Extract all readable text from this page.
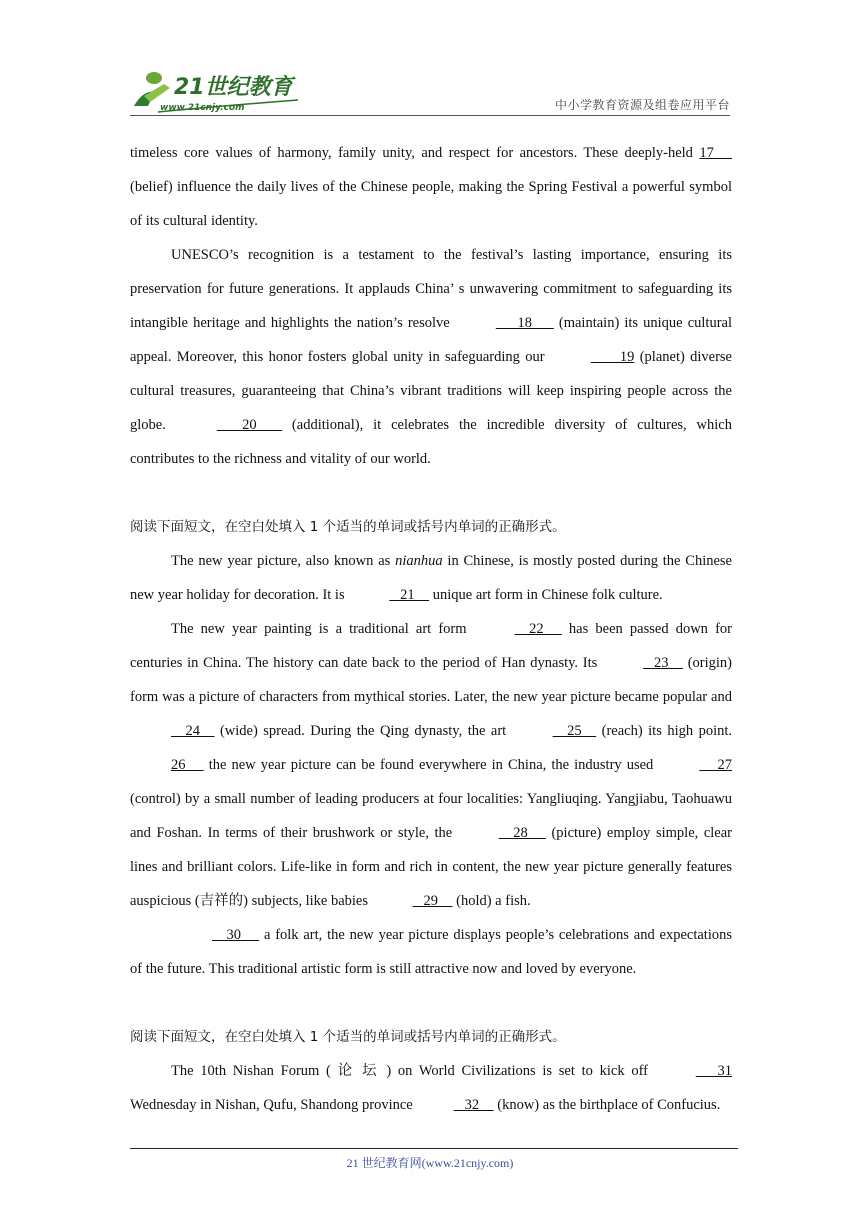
21世纪教育
www.21cnjy.com	中小学教育资源及组卷应用平台

timeless core values of harmony, family unity, and respect for ancestors. These deeply-held 17      (belief) influence the daily lives of the Chinese people, making the Spring Festival a powerful symbol of its cultural identity.

UNESCO’s recognition is a testament to the festival’s lasting importance, ensuring its preservation for future generations. It applauds China’ s unwavering commitment to safeguarding its intangible heritage and highlights the nation’s resolve	18       (maintain) its unique cultural appeal. Moreover, this honor fosters global unity in safeguarding our	19 (planet) diverse cultural treasures, guaranteeing that China’s vibrant traditions will keep inspiring people across the globe.	20        (additional), it celebrates the incredible diversity of cultures, which contributes to the richness and vitality of our world.

阅读下面短文，在空白处填入 1 个适当的单词或括号内单词的正确形式。

The new year picture, also known as nianhua in Chinese, is mostly posted during the Chinese new year holiday for decoration. It is	21     unique art form in Chinese folk culture.

The new year painting is a traditional art form	22      has been passed down for centuries in China. The history can date back to the period of Han dynasty. Its	23     (origin) form was a picture of characters from mythical stories. Later, the new year picture became popular and     24     (wide) spread. During the Qing dynasty, the art	25     (reach) its high point. 26      the new year picture can be found everywhere in China, the industry used	27 (control) by a small number of leading producers at four localities: Yangliuqing. Yangjiabu, Taohuawu and Foshan. In terms of their brushwork or style, the	28      (picture) employ simple, clear lines and brilliant colors. Life-like in form and rich in content, the new year picture generally features auspicious (吉祥的) subjects, like babies	29     (hold) a fish.

30      a folk art, the new year picture displays people’s celebrations and expectations of the future. This traditional artistic form is still attractive now and loved by everyone.

阅读下面短文，在空白处填入 1 个适当的单词或括号内单词的正确形式。

The 10th Nishan Forum ( 论 坛 ) on World Civilizations is set to kick off	31 Wednesday in Nishan, Qufu, Shandong province	32     (know) as the birthplace of Confucius.

21 世纪教育网(www.21cnjy.com)
